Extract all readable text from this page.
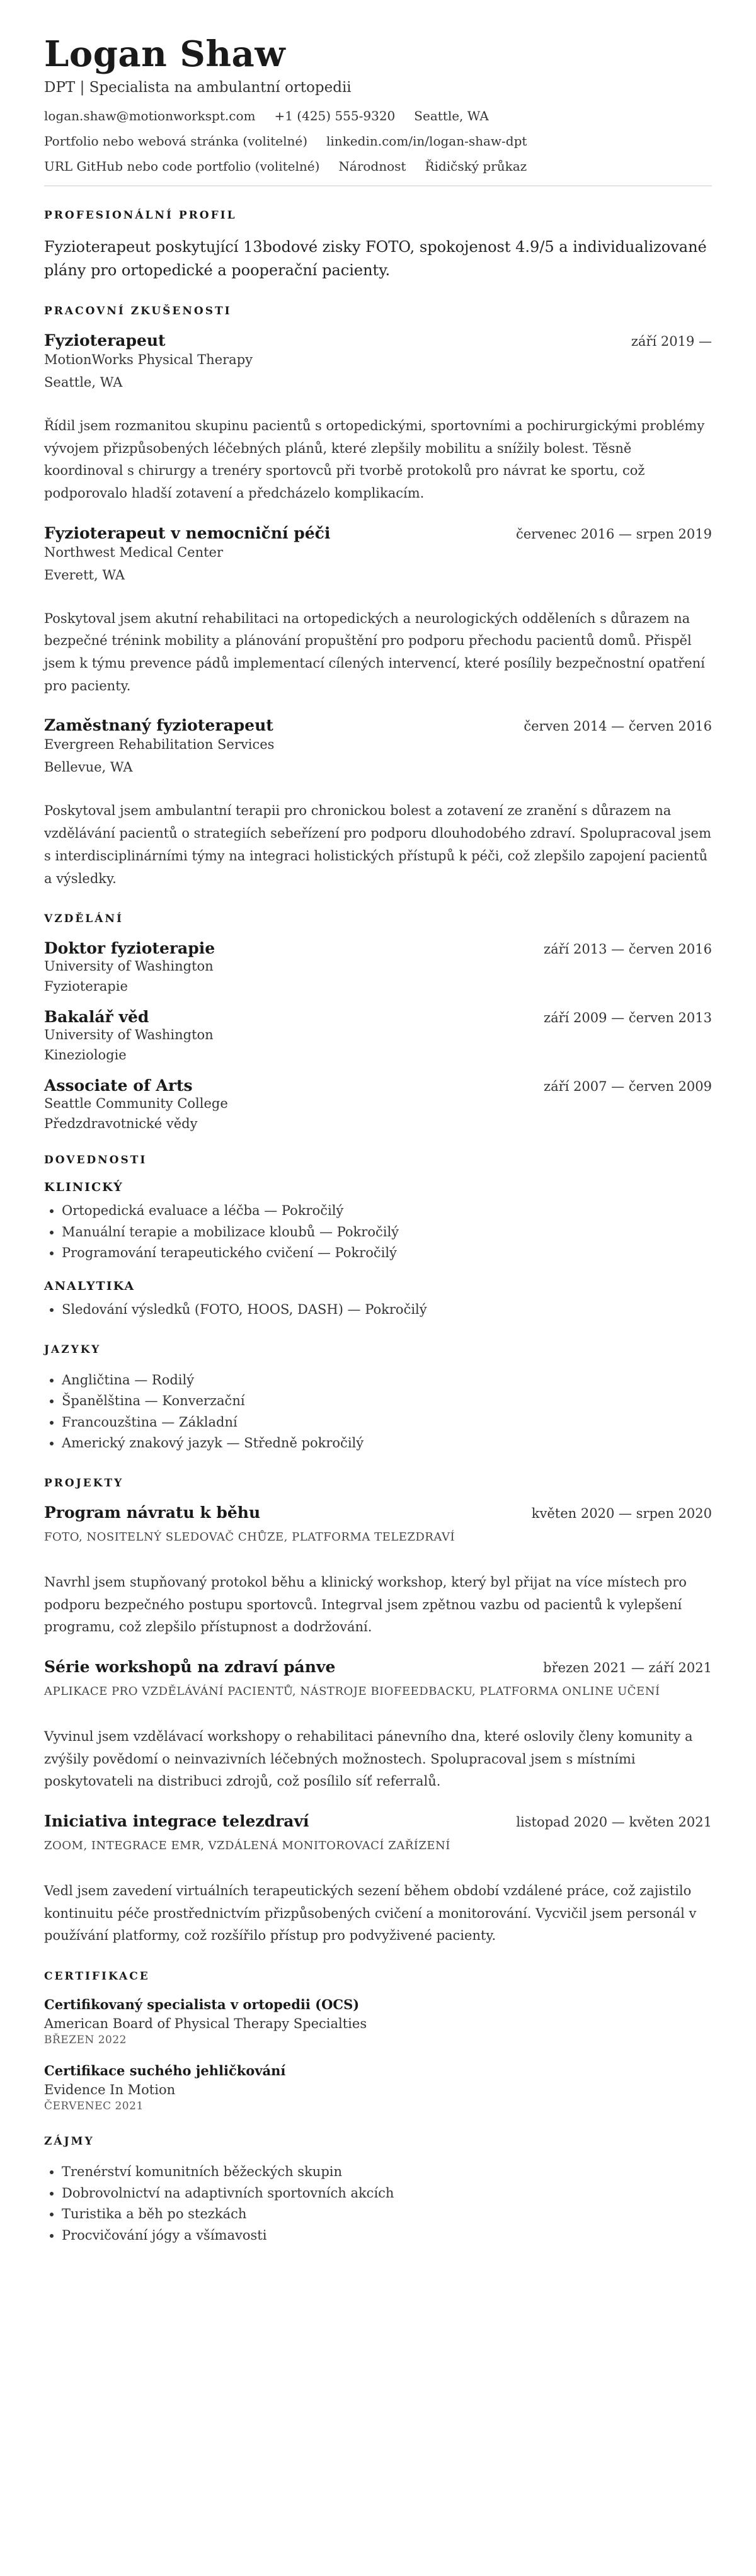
Logan Shaw
DPT | Specialista na ambulantní ortopedii
logan.shaw@motionworkspt.com +1 (425) 555-9320 Seattle, WA
Portfolio nebo webová stránka (volitelné) linkedin.com/in/logan-shaw-dpt
URL GitHub nebo code portfolio (volitelné) Národnost Řidičský průkaz
PROFESIONÁLNÍ PROFIL
Fyzioterapeut poskytující 13bodové zisky FOTO, spokojenost 4.9/5 a individualizované plány pro ortopedické a pooperační pacienty.
PRACOVNÍ ZKUŠENOSTI
Fyzioterapeut	září 2019 —
MotionWorks Physical Therapy
Seattle, WA
Řídil jsem rozmanitou skupinu pacientů s ortopedickými, sportovními a pochirurgickými problémy vývojem přizpůsobených léčebných plánů, které zlepšily mobilitu a snížily bolest. Těsně koordinoval s chirurgy a trenéry sportovců při tvorbě protokolů pro návrat ke sportu, což podporovalo hladší zotavení a předcházelo komplikacím.
Fyzioterapeut v nemocniční péči	červenec 2016 — srpen 2019
Northwest Medical Center
Everett, WA
Poskytoval jsem akutní rehabilitaci na ortopedických a neurologických odděleních s důrazem na bezpečné trénink mobility a plánování propuštění pro podporu přechodu pacientů domů. Přispěl jsem k týmu prevence pádů implementací cílených intervencí, které posílily bezpečnostní opatření pro pacienty.
Zaměstnaný fyzioterapeut	červen 2014 — červen 2016
Evergreen Rehabilitation Services
Bellevue, WA
Poskytoval jsem ambulantní terapii pro chronickou bolest a zotavení ze zranění s důrazem na vzdělávání pacientů o strategiích sebeřízení pro podporu dlouhodobého zdraví. Spolupracoval jsem s interdisciplinárními týmy na integraci holistických přístupů k péči, což zlepšilo zapojení pacientů a výsledky.
VZDĚLÁNÍ
Doktor fyzioterapie	září 2013 — červen 2016
University of Washington
Fyzioterapie
Bakalář věd	září 2009 — červen 2013
University of Washington
Kineziologie
Associate of Arts	září 2007 — červen 2009
Seattle Community College
Předzdravotnické vědy
DOVEDNOSTI
KLINICKÝ
• Ortopedická evaluace a léčba — Pokročilý
• Manuální terapie a mobilizace kloubů — Pokročilý
• Programování terapeutického cvičení — Pokročilý
ANALYTIKA
• Sledování výsledků (FOTO, HOOS, DASH) — Pokročilý
JAZYKY
• Angličtina — Rodilý
• Španělština — Konverzační
• Francouzština — Základní
• Americký znakový jazyk — Středně pokročilý
PROJEKTY
Program návratu k běhu	květen 2020 — srpen 2020
FOTO, NOSITELNÝ SLEDOVAČ CHŮZE, PLATFORMA TELEZDRAVÍ
Navrhl jsem stupňovaný protokol běhu a klinický workshop, který byl přijat na více místech pro podporu bezpečného postupu sportovců. Integrval jsem zpětnou vazbu od pacientů k vylepšení programu, což zlepšilo přístupnost a dodržování.
Série workshopů na zdraví pánve	březen 2021 — září 2021
APLIKACE PRO VZDĚLÁVÁNÍ PACIENTŮ, NÁSTROJE BIOFEEDBACKU, PLATFORMA ONLINE UČENÍ
Vyvinul jsem vzdělávací workshopy o rehabilitaci pánevního dna, které oslovily členy komunity a zvýšily povědomí o neinvazivních léčebných možnostech. Spolupracoval jsem s místními poskytovateli na distribuci zdrojů, což posílilo síť referralů.
Iniciativa integrace telezdraví	listopad 2020 — květen 2021
ZOOM, INTEGRACE EMR, VZDÁLENÁ MONITOROVACÍ ZAŘÍZENÍ
Vedl jsem zavedení virtuálních terapeutických sezení během období vzdálené práce, což zajistilo kontinuitu péče prostřednictvím přizpůsobených cvičení a monitorování. Vycvičil jsem personál v používání platformy, což rozšířilo přístup pro podvyživené pacienty.
CERTIFIKACE
Certifikovaný specialista v ortopedii (OCS)
American Board of Physical Therapy Specialties
BŘEZEN 2022
Certifikace suchého jehličkování
Evidence In Motion
ČERVENEC 2021
ZÁJMY
• Trenérství komunitních běžeckých skupin
• Dobrovolnictví na adaptivních sportovních akcích
• Turistika a běh po stezkách
• Procvičování jógy a všímavosti
